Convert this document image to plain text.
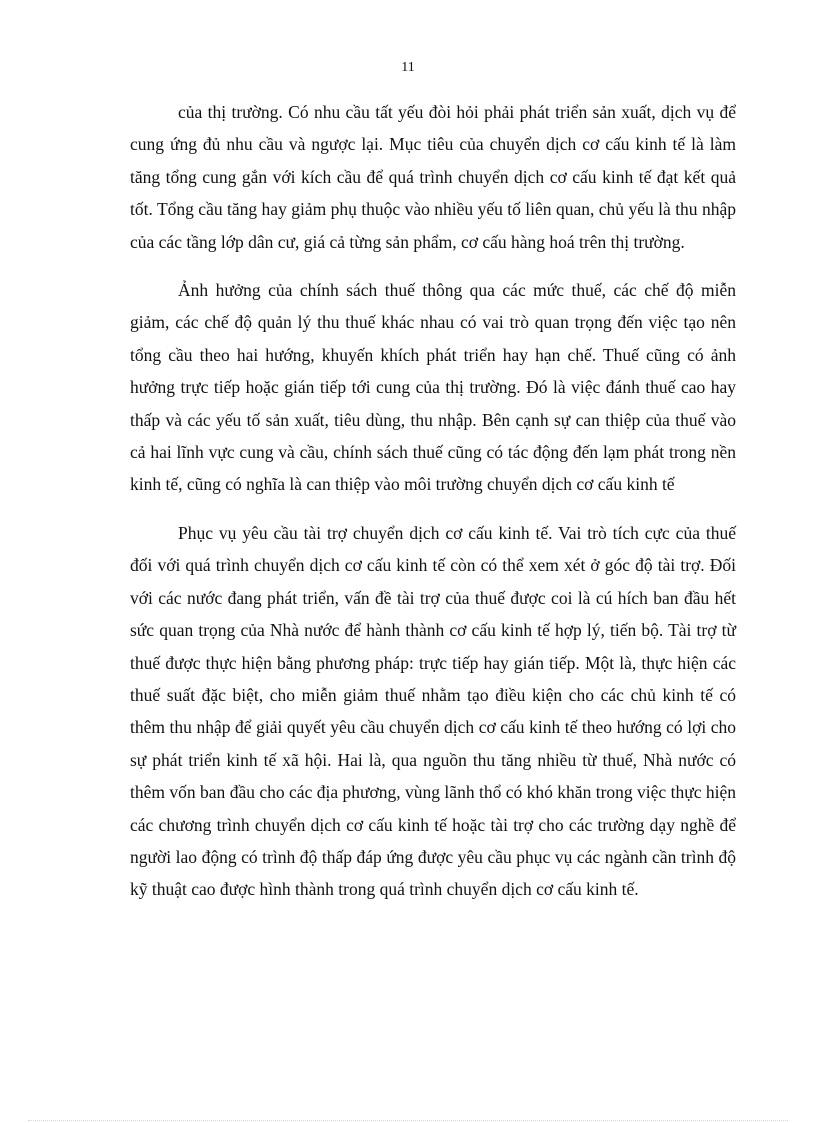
11

của thị trường. Có nhu cầu tất yếu đòi hỏi phải phát triển sản xuất, dịch vụ để cung ứng đủ nhu cầu và ngược lại. Mục tiêu của chuyển dịch cơ cấu kinh tế là làm tăng tổng cung gắn với kích cầu để quá trình chuyển dịch cơ cấu kinh tế đạt kết quả tốt. Tổng cầu tăng hay giảm phụ thuộc vào nhiều yếu tố liên quan, chủ yếu là thu nhập của các tầng lớp dân cư, giá cả từng sản phẩm, cơ cấu hàng hoá trên thị trường.

Ảnh hưởng của chính sách thuế thông qua các mức thuế, các chế độ miễn giảm, các chế độ quản lý thu thuế khác nhau có vai trò quan trọng đến việc tạo nên tổng cầu theo hai hướng, khuyến khích phát triển hay hạn chế. Thuế cũng có ảnh hưởng trực tiếp hoặc gián tiếp tới cung của thị trường. Đó là việc đánh thuế cao hay thấp và các yếu tố sản xuất, tiêu dùng, thu nhập. Bên cạnh sự can thiệp của thuế vào cả hai lĩnh vực cung và cầu, chính sách thuế cũng có tác động đến lạm phát trong nền kinh tế, cũng có nghĩa là can thiệp vào môi trường chuyển dịch cơ cấu kinh tế

Phục vụ yêu cầu tài trợ chuyển dịch cơ cấu kinh tế. Vai trò tích cực của thuế đối với quá trình chuyển dịch cơ cấu kinh tế còn có thể xem xét ở góc độ tài trợ. Đối với các nước đang phát triển, vấn đề tài trợ của thuế được coi là cú hích ban đầu hết sức quan trọng của Nhà nước để hành thành cơ cấu kinh tế hợp lý, tiến bộ. Tài trợ từ thuế được thực hiện bằng phương pháp: trực tiếp hay gián tiếp. Một là, thực hiện các thuế suất đặc biệt, cho miễn giảm thuế nhằm tạo điều kiện cho các chủ kinh tế có thêm thu nhập để giải quyết yêu cầu chuyển dịch cơ cấu kinh tế theo hướng có lợi cho sự phát triển kinh tế xã hội. Hai là, qua nguồn thu tăng nhiều từ thuế, Nhà nước có thêm vốn ban đầu cho các địa phương, vùng lãnh thổ có khó khăn trong việc thực hiện các chương trình chuyển dịch cơ cấu kinh tế hoặc tài trợ cho các trường dạy nghề để người lao động có trình độ thấp đáp ứng được yêu cầu phục vụ các ngành cần trình độ kỹ thuật cao được hình thành trong quá trình chuyển dịch cơ cấu kinh tế.
